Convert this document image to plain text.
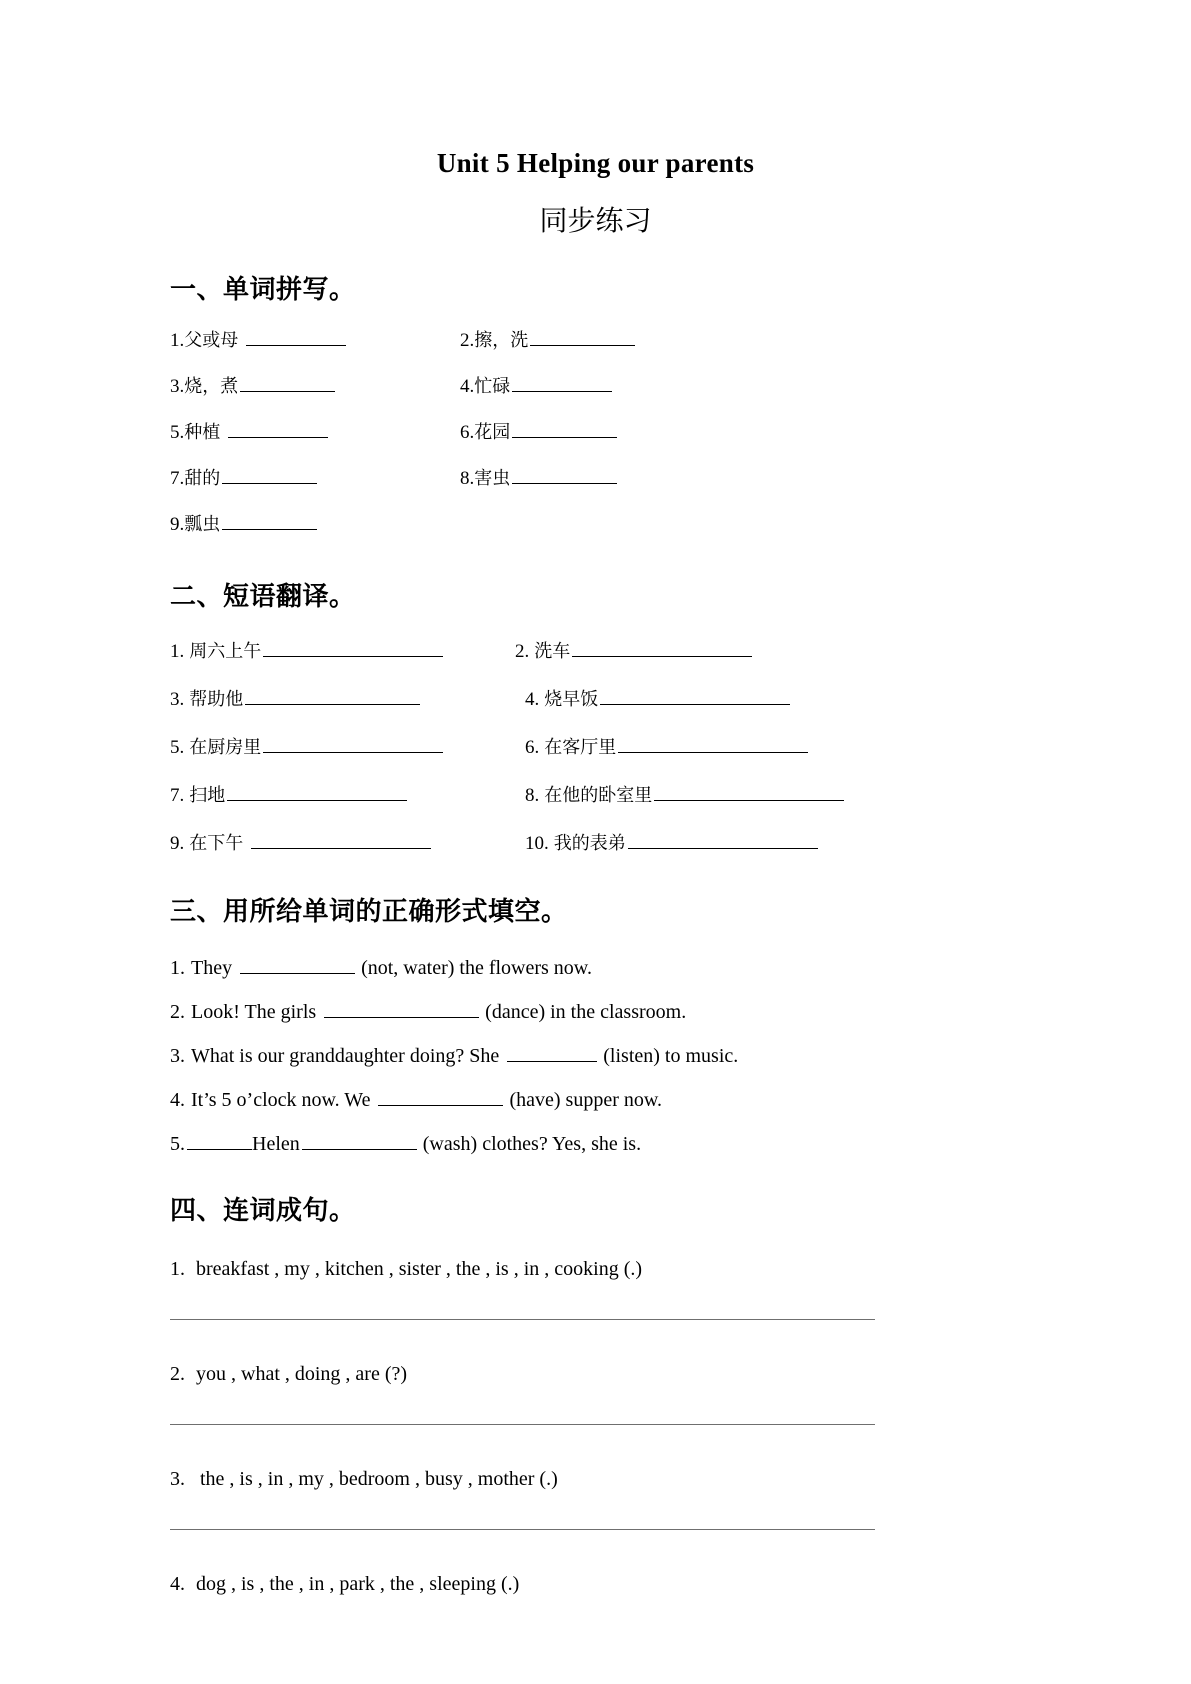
Unit 5 Helping our parents
同步练习
一、单词拼写。
1. 父或母	2. 擦，洗
3. 烧，煮	4. 忙碌
5. 种植	6. 花园
7. 甜的	8. 害虫
9. 瓢虫
二、短语翻译。
1. 周六上午	2. 洗车
3. 帮助他	4. 烧早饭
5. 在厨房里	6. 在客厅里
7. 扫地	8. 在他的卧室里
9. 在下午	10. 我的表弟
三、用所给单词的正确形式填空。
1. They	(not, water) the flowers now.
2. Look! The girls	(dance) in the classroom.
3. What is our granddaughter doing? She	(listen) to music.
4. It’s 5 o’clock now. We	(have) supper now.
5.	Helen	(wash) clothes? Yes, she is.
四、连词成句。
1. breakfast , my , kitchen , sister , the , is , in , cooking (.)
2. you , what , doing , are (?)
3. the , is , in , my , bedroom , busy , mother (.)
4. dog , is , the , in , park , the , sleeping (.)
